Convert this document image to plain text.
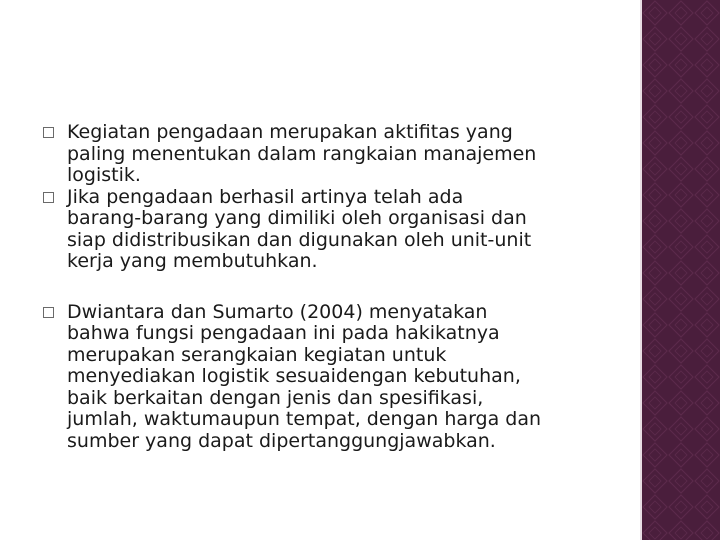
Kegiatan pengadaan merupakan aktifitas yang
paling menentukan dalam rangkaian manajemen
logistik.
Jika pengadaan berhasil artinya telah ada
barang-barang yang dimiliki oleh organisasi dan
siap didistribusikan dan digunakan oleh unit-unit
kerja yang membutuhkan.
Dwiantara dan Sumarto (2004) menyatakan
bahwa fungsi pengadaan ini pada hakikatnya
merupakan serangkaian kegiatan untuk
menyediakan logistik sesuaidengan kebutuhan,
baik berkaitan dengan jenis dan spesifikasi,
jumlah, waktumaupun tempat, dengan harga dan
sumber yang dapat dipertanggungjawabkan.
